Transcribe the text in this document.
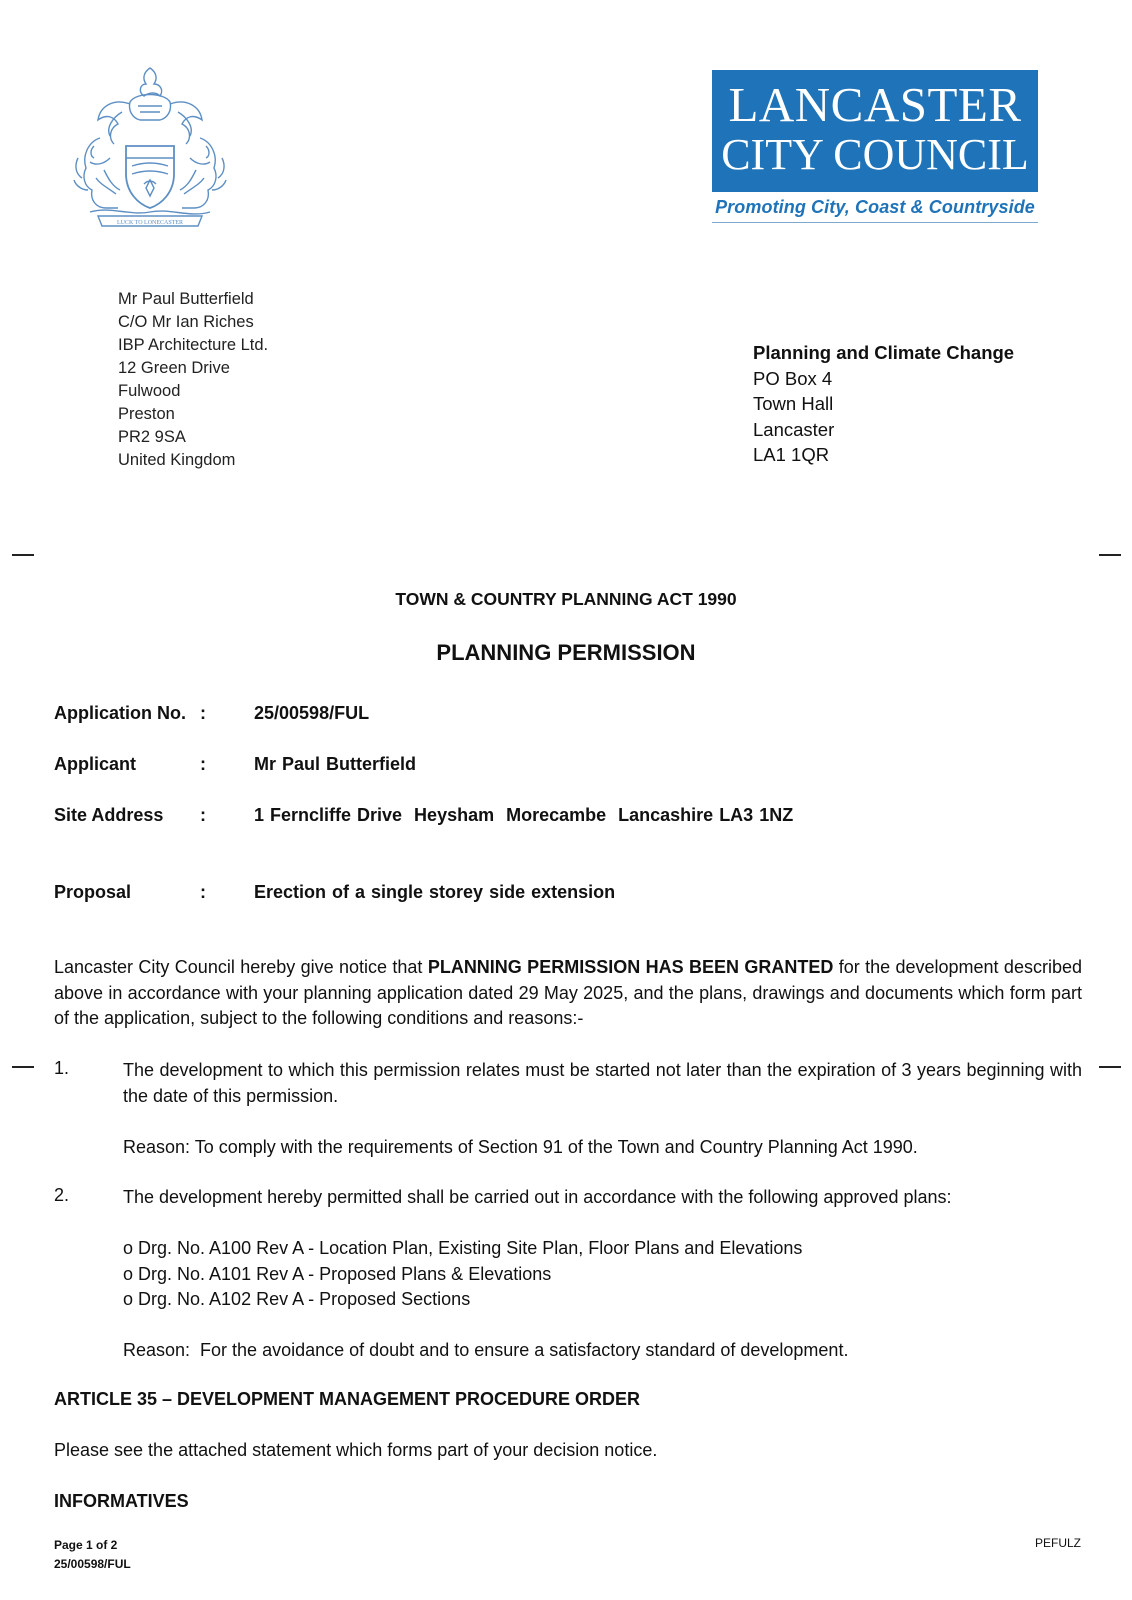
LUCK TO LONECASTER
LANCASTER
CITY COUNCIL
Promoting City, Coast & Countryside
Mr Paul Butterfield
C/O Mr Ian Riches
IBP Architecture Ltd.
12 Green Drive
Fulwood
Preston
PR2 9SA
United Kingdom
Planning and Climate Change
PO Box 4
Town Hall
Lancaster
LA1 1QR
TOWN & COUNTRY PLANNING ACT 1990
PLANNING PERMISSION
Application No. :	25/00598/FUL
Applicant	:	Mr Paul Butterfield
Site Address :	1 Ferncliffe Drive  Heysham  Morecambe  Lancashire LA3 1NZ
Proposal	:	Erection of a single storey side extension
Lancaster City Council hereby give notice that PLANNING PERMISSION HAS BEEN GRANTED for the development described above in accordance with your planning application dated 29 May 2025, and the plans, drawings and documents which form part of the application, subject to the following conditions and reasons:-
1.	The development to which this permission relates must be started not later than the expiration of 3 years beginning with the date of this permission.
Reason: To comply with the requirements of Section 91 of the Town and Country Planning Act 1990.
2.	The development hereby permitted shall be carried out in accordance with the following approved plans:
o Drg. No. A100 Rev A - Location Plan, Existing Site Plan, Floor Plans and Elevations
o Drg. No. A101 Rev A - Proposed Plans & Elevations
o Drg. No. A102 Rev A - Proposed Sections
Reason:  For the avoidance of doubt and to ensure a satisfactory standard of development.
ARTICLE 35 – DEVELOPMENT MANAGEMENT PROCEDURE ORDER
Please see the attached statement which forms part of your decision notice.
INFORMATIVES
Page 1 of 2
25/00598/FUL
PEFULZ
